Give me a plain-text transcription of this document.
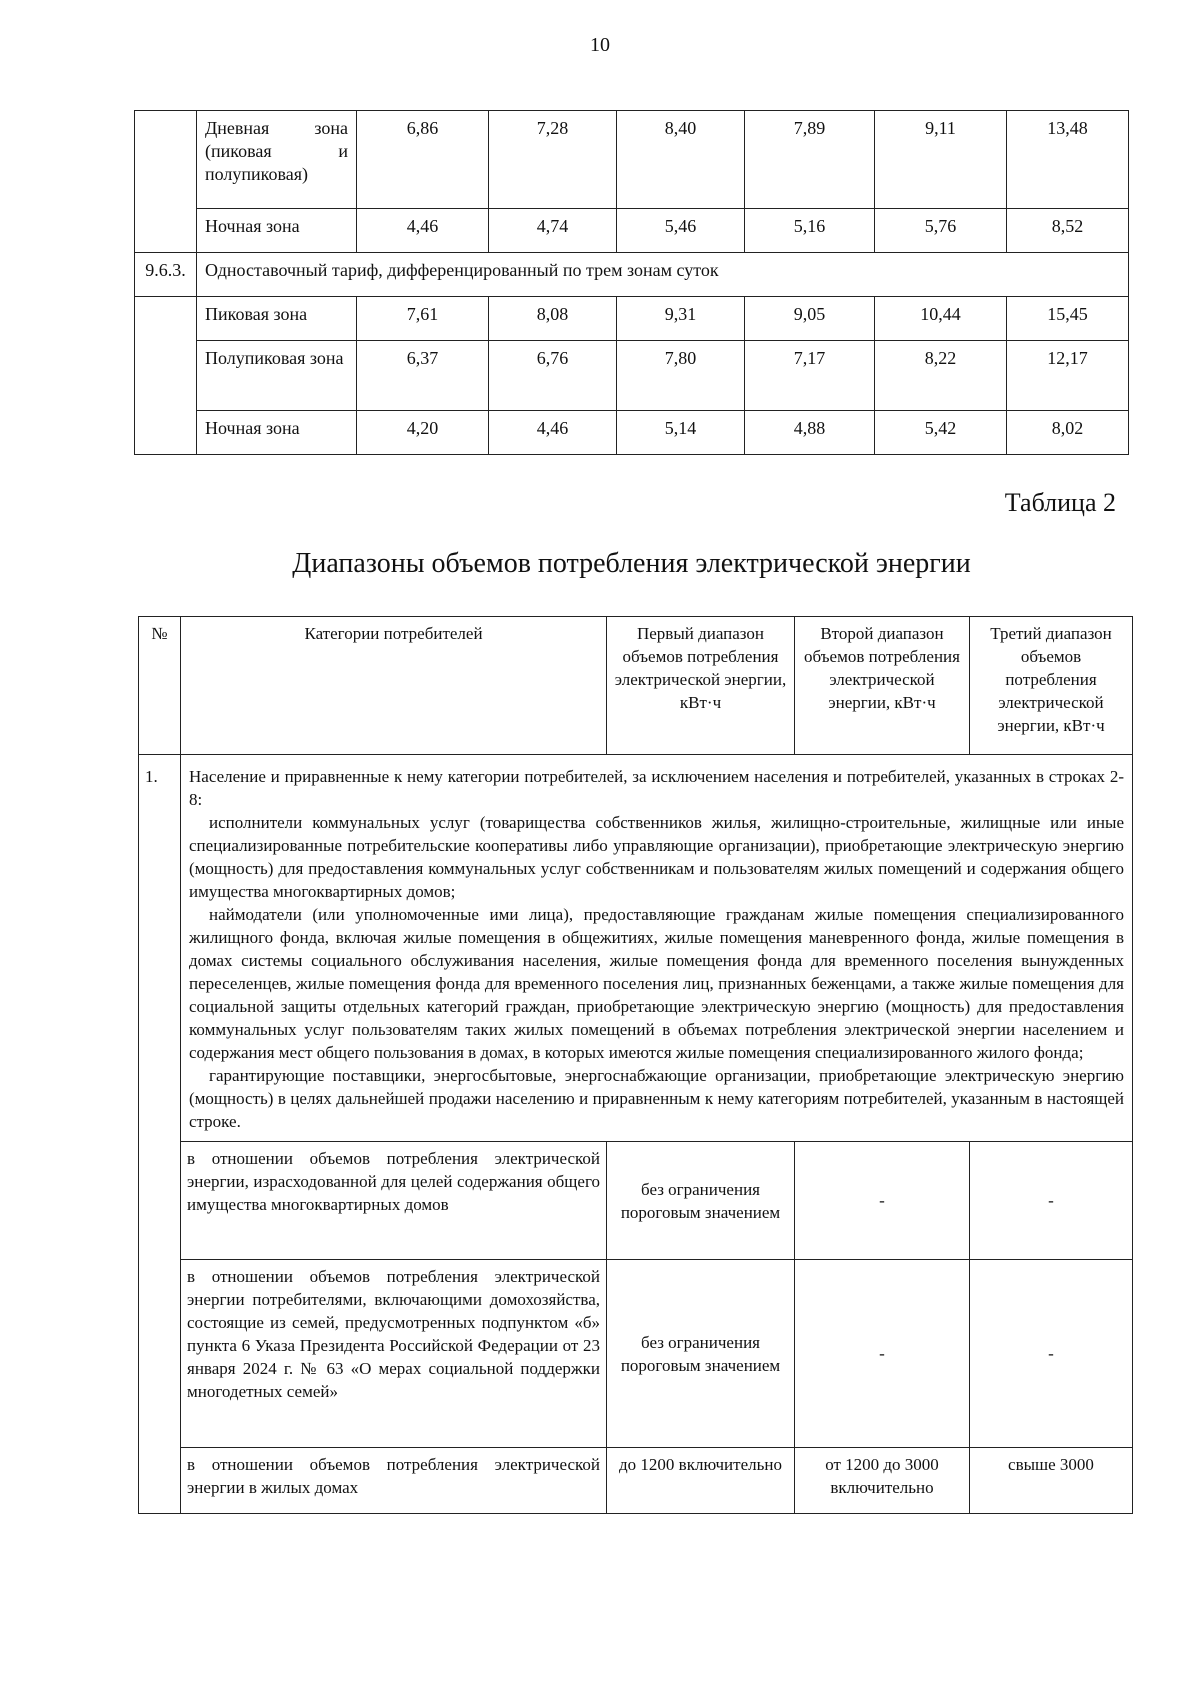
10
	Дневная зона (пиковая и полупиковая)	6,86	7,28	8,40	7,89	9,11	13,48
	Ночная зона	4,46	4,74	5,46	5,16	5,76	8,52
9.6.3.	Одноставочный тариф, дифференцированный по трем зонам суток						
	Пиковая зона	7,61	8,08	9,31	9,05	10,44	15,45
	Полупиковая зона	6,37	6,76	7,80	7,17	8,22	12,17
	Ночная зона	4,20	4,46	5,14	4,88	5,42	8,02
Таблица 2
Диапазоны объемов потребления электрической энергии
№	Категории потребителей	Первый диапазон объемов потребления электрической энергии, кВт·ч	Второй диапазон объемов потребления электрической энергии, кВт·ч	Третий диапазон объемов потребления электрической энергии, кВт·ч
1.	Население и приравненные к нему категории потребителей, за исключением населения и потребителей, указанных в строках 2-8:

исполнители коммунальных услуг (товарищества собственников жилья, жилищно-строительные, жилищные или иные специализированные потребительские кооперативы либо управляющие организации), приобретающие электрическую энергию (мощность) для предоставления коммунальных услуг собственникам и пользователям жилых помещений и содержания общего имущества многоквартирных домов;

наймодатели (или уполномоченные ими лица), предоставляющие гражданам жилые помещения специализированного жилищного фонда, включая жилые помещения в общежитиях, жилые помещения маневренного фонда, жилые помещения в домах системы социального обслуживания населения, жилые помещения фонда для временного поселения вынужденных переселенцев, жилые помещения фонда для временного поселения лиц, признанных беженцами, а также жилые помещения для социальной защиты отдельных категорий граждан, приобретающие электрическую энергию (мощность) для предоставления коммунальных услуг пользователям таких жилых помещений в объемах потребления электрической энергии населением и содержания мест общего пользования в домах, в которых имеются жилые помещения специализированного жилого фонда;

гарантирующие поставщики, энергосбытовые, энергоснабжающие организации, приобретающие электрическую энергию (мощность) в целях дальнейшей продажи населению и приравненным к нему категориям потребителей, указанным в настоящей строке.			

	в отношении объемов потребления электрической энергии, израсходованной для целей содержания общего имущества многоквартирных домов	без ограничения пороговым значением	-	-
	в отношении объемов потребления электрической энергии потребителями, включающими домохозяйства, состоящие из семей, предусмотренных подпунктом «б» пункта 6 Указа Президента Российской Федерации от 23 января 2024 г. № 63 «О мерах социальной поддержки многодетных семей»	без ограничения пороговым значением	-	-
	в отношении объемов потребления электрической энергии в жилых домах	до 1200 включительно	от 1200 до 3000 включительно	свыше 3000
